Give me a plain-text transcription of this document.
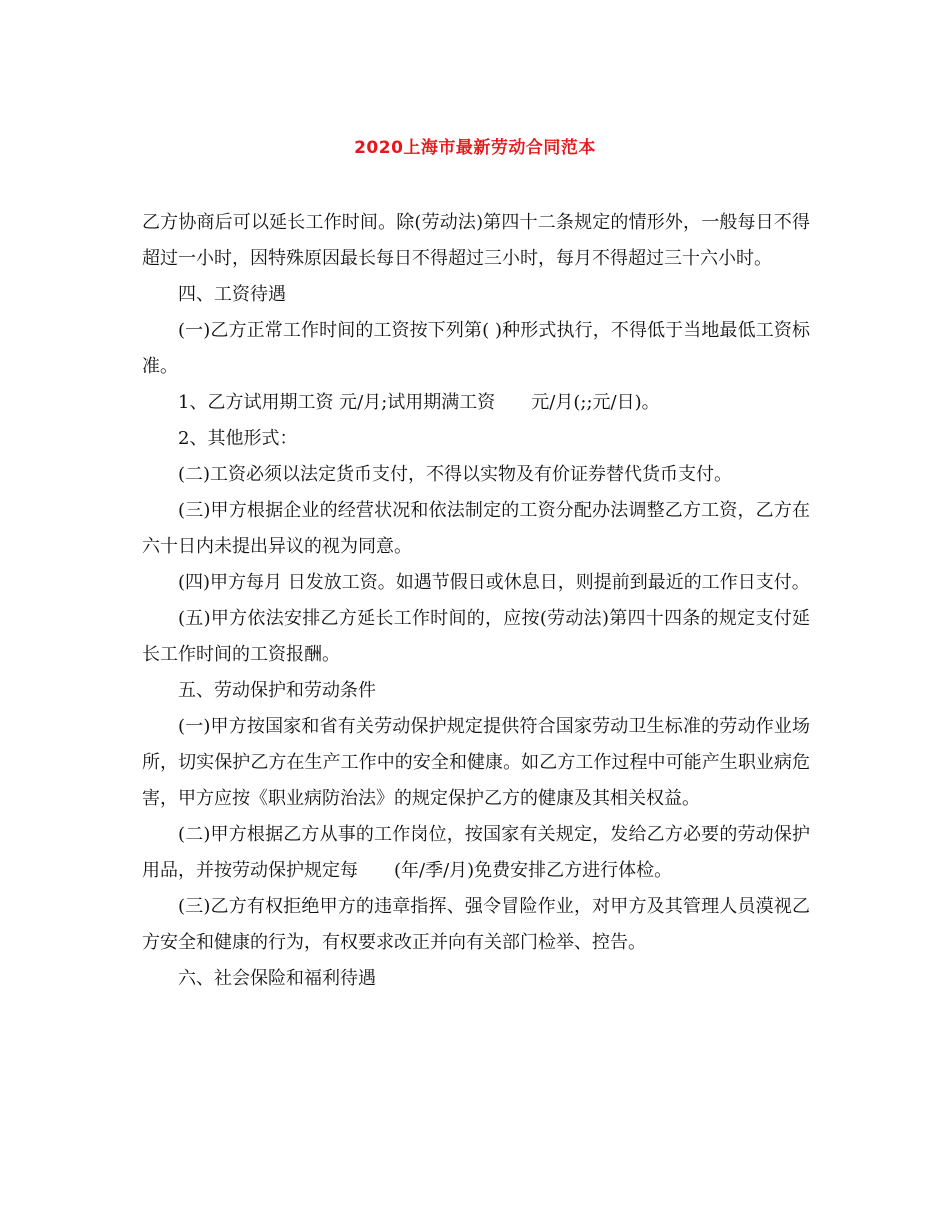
2020上海市最新劳动合同范本

乙方协商后可以延长工作时间。除(劳动法)第四十二条规定的情形外，一般每日不得超过一小时，因特殊原因最长每日不得超过三小时，每月不得超过三十六小时。

四、工资待遇

(一)乙方正常工作时间的工资按下列第( )种形式执行，不得低于当地最低工资标准。

1、乙方试用期工资 元/月;试用期满工资　　元/月(;;元/日)。

2、其他形式：

(二)工资必须以法定货币支付，不得以实物及有价证券替代货币支付。

(三)甲方根据企业的经营状况和依法制定的工资分配办法调整乙方工资，乙方在六十日内未提出异议的视为同意。

(四)甲方每月 日发放工资。如遇节假日或休息日，则提前到最近的工作日支付。

(五)甲方依法安排乙方延长工作时间的，应按(劳动法)第四十四条的规定支付延长工作时间的工资报酬。

五、劳动保护和劳动条件

(一)甲方按国家和省有关劳动保护规定提供符合国家劳动卫生标准的劳动作业场所，切实保护乙方在生产工作中的安全和健康。如乙方工作过程中可能产生职业病危害，甲方应按《职业病防治法》的规定保护乙方的健康及其相关权益。

(二)甲方根据乙方从事的工作岗位，按国家有关规定，发给乙方必要的劳动保护用品，并按劳动保护规定每　　(年/季/月)免费安排乙方进行体检。

(三)乙方有权拒绝甲方的违章指挥、强令冒险作业，对甲方及其管理人员漠视乙方安全和健康的行为，有权要求改正并向有关部门检举、控告。

六、社会保险和福利待遇
